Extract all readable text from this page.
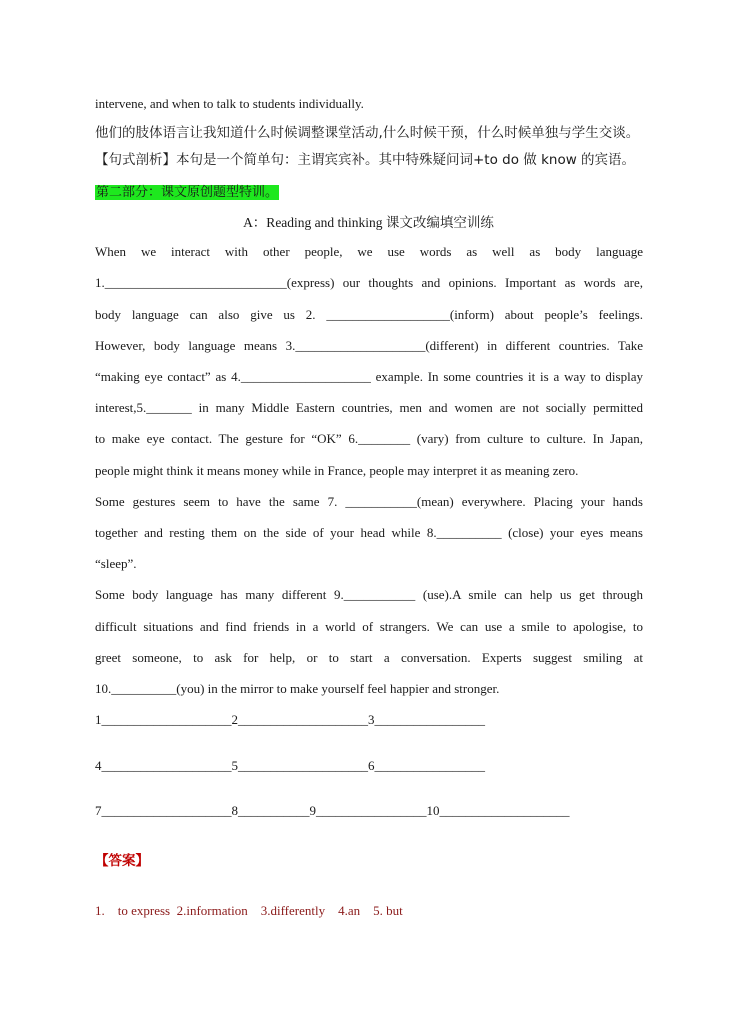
intervene, and when to talk to students individually.
他们的肢体语言让我知道什么时候调整课堂活动,什么时候干预，什么时候单独与学生交谈。
【句式剖析】本句是一个简单句：主谓宾宾补。其中特殊疑问词+to do 做 know 的宾语。
第二部分：课文原创题型特训。
A：Reading and thinking 课文改编填空训练
When we interact with other people, we use words as well as body language
1.____________________________(express) our thoughts and opinions. Important as words are,
body language can also give us 2. ___________________(inform) about people’s feelings.
However, body language means 3.____________________(different) in different countries. Take
“making eye contact” as 4.____________________ example. In some countries it is a way to display
interest,5._______ in many Middle Eastern countries, men and women are not socially permitted
to make eye contact. The gesture for “OK” 6.________ (vary) from culture to culture. In Japan,
people might think it means money while in France, people may interpret it as meaning zero.
Some gestures seem to have the same 7. ___________(mean) everywhere. Placing your hands
together and resting them on the side of your head while 8.__________ (close) your eyes means
“sleep”.
Some body language has many different 9.___________ (use).A smile can help us get through
difficult situations and find friends in a world of strangers. We can use a smile to apologise, to
greet someone, to ask for help, or to start a conversation. Experts suggest smiling at
10.__________(you) in the mirror to make yourself feel happier and stronger.
1____________________2____________________3_________________
4____________________5____________________6_________________
7____________________8___________9_________________10____________________
【答案】
1.    to express  2.information    3.differently    4.an    5. but
